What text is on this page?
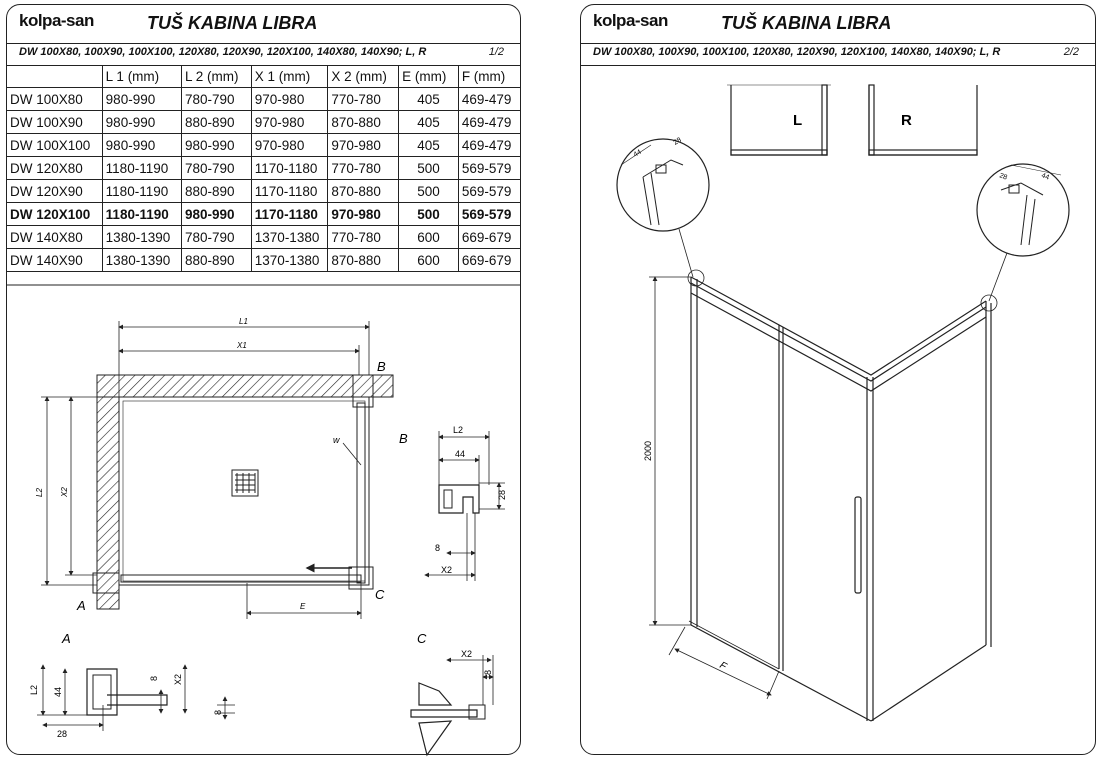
kolpa-san	TUŠ KABINA LIBRA
DW 100X80, 100X90, 100X100, 120X80, 120X90, 120X100, 140X80, 140X90; L, R	1/2
	L 1 (mm)	L 2 (mm)	X 1 (mm)	X 2 (mm)	E (mm)	F (mm)
DW 100X80	980-990	780-790	970-980	770-780	405	469-479
DW 100X90	980-990	880-890	970-980	870-880	405	469-479
DW 100X100	980-990	980-990	970-980	970-980	405	469-479
DW 120X80	1180-1190	780-790	1170-1180	770-780	500	569-579
DW 120X90	1180-1190	880-890	1170-1180	870-880	500	569-579
DW 120X100	1180-1190	980-990	1170-1180	970-980	500	569-579
DW 140X80	1380-1390	780-790	1370-1380	770-780	600	669-679
DW 140X90	1380-1390	880-890	1370-1380	870-880	600	669-679
L1
X1
L2 X2
w
E
A
B
C
B
L2
44
28
8
X2
A
L2 44
8 X2
28
8
C
X2
8
kolpa-san	TUŠ KABINA LIBRA
DW 100X80, 100X90, 100X100, 120X80, 120X90, 120X100, 140X80, 140X90; L, R	2/2
L	R
44
28
28	44
2000
F
